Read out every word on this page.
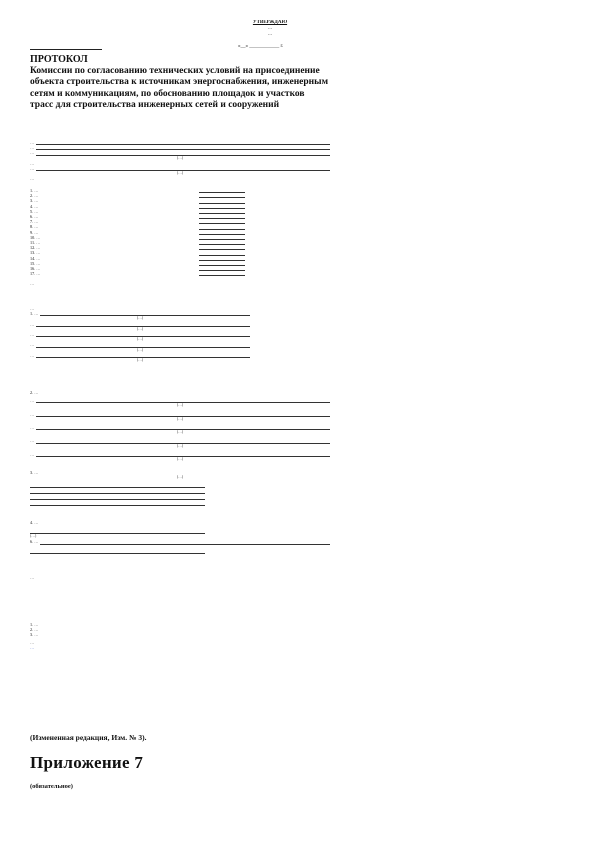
УТВЕРЖДАЮ
…
…
«__» ____________ г.
ПРОТОКОЛ
Комиссии по согласованию технических условий на присоединение объекта строительства к источникам энергоснабжения, инженерным сетям и коммуникациям, по обоснованию площадок и участков трасс для строительства инженерных сетей и сооружений
…
…
…
(…)
…
…
(…)
…
1. …
2. …
3. …
4. …
5. …
6. …
7. …
8. …
9. …
10. …
11. …
12. …
13. …
14. …
15. …
16. …
17. …
…
…
1. …
(…)
…
(…)
…
(…)
…
(…)
…
(…)
2. …
…
(…)
…
(…)
…
(…)
…
(…)
…
(…)
3. …
(…)
4. …
(…)
6. …
…
1. …
2. …
3. …
…
…
(Измененная редакция, Изм. № 3).
Приложение 7
(обязательное)
